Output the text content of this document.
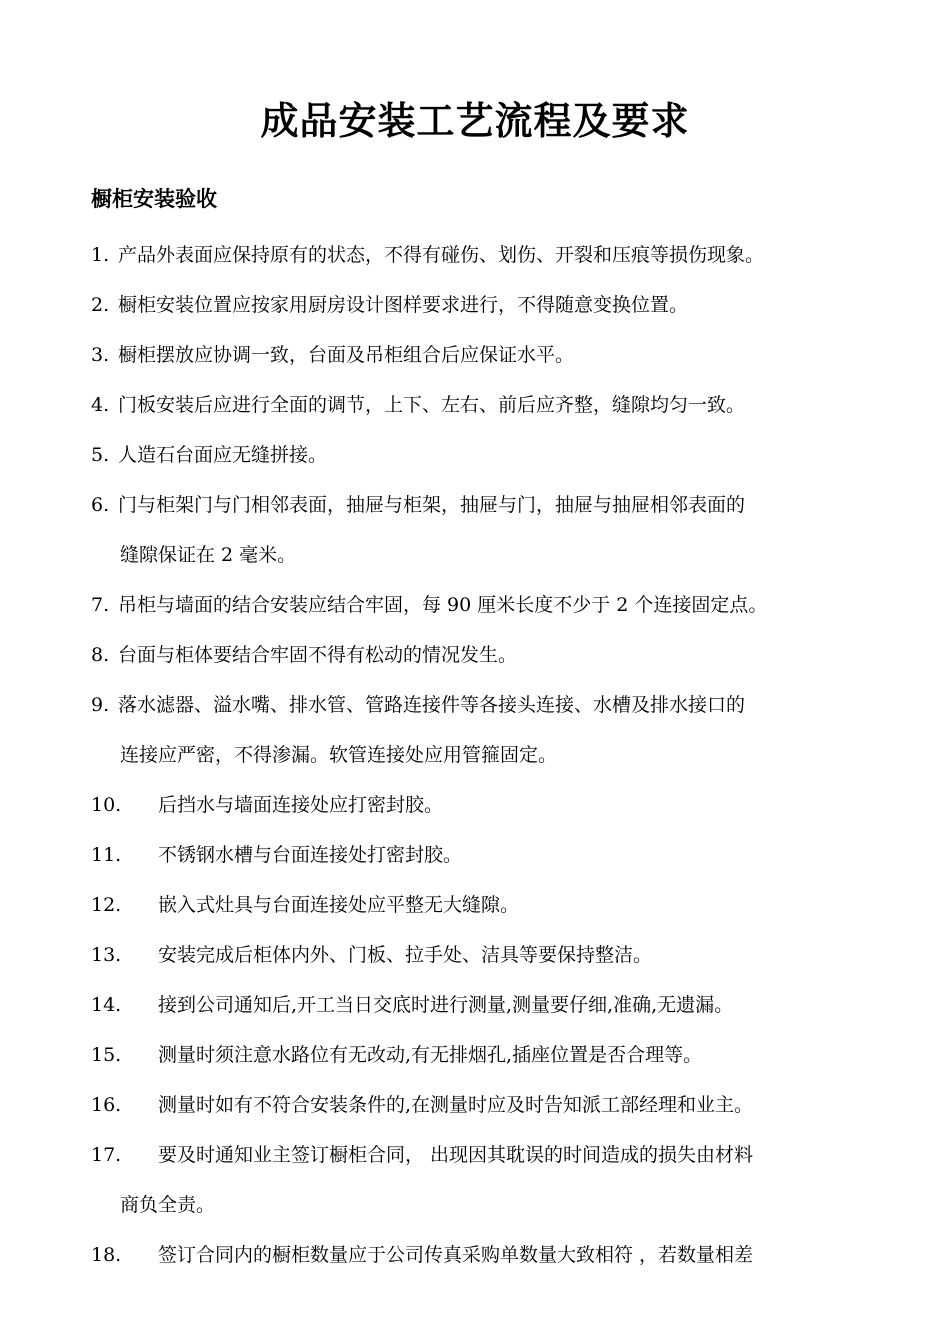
成品安装工艺流程及要求
橱柜安装验收
1. 产品外表面应保持原有的状态，不得有碰伤、划伤、开裂和压痕等损伤现象。
2. 橱柜安装位置应按家用厨房设计图样要求进行，不得随意变换位置。
3. 橱柜摆放应协调一致，台面及吊柜组合后应保证水平。
4. 门板安装后应进行全面的调节，上下、左右、前后应齐整，缝隙均匀一致。
5. 人造石台面应无缝拼接。
6. 门与柜架门与门相邻表面，抽屉与柜架，抽屉与门，抽屉与抽屉相邻表面的
缝隙保证在 2 毫米。
7. 吊柜与墙面的结合安装应结合牢固，每 90 厘米长度不少于 2 个连接固定点。
8. 台面与柜体要结合牢固不得有松动的情况发生。
9. 落水滤器、溢水嘴、排水管、管路连接件等各接头连接、水槽及排水接口的
连接应严密，不得渗漏。软管连接处应用管箍固定。
10. 后挡水与墙面连接处应打密封胶。
11. 不锈钢水槽与台面连接处打密封胶。
12. 嵌入式灶具与台面连接处应平整无大缝隙。
13. 安装完成后柜体内外、门板、拉手处、洁具等要保持整洁。
14. 接到公司通知后,开工当日交底时进行测量,测量要仔细,准确,无遗漏。
15. 测量时须注意水路位有无改动,有无排烟孔,插座位置是否合理等。
16. 测量时如有不符合安装条件的,在测量时应及时告知派工部经理和业主。
17. 要及时通知业主签订橱柜合同， 出现因其耽误的时间造成的损失由材料
商负全责。
18. 签订合同内的橱柜数量应于公司传真采购单数量大致相符 ，若数量相差
